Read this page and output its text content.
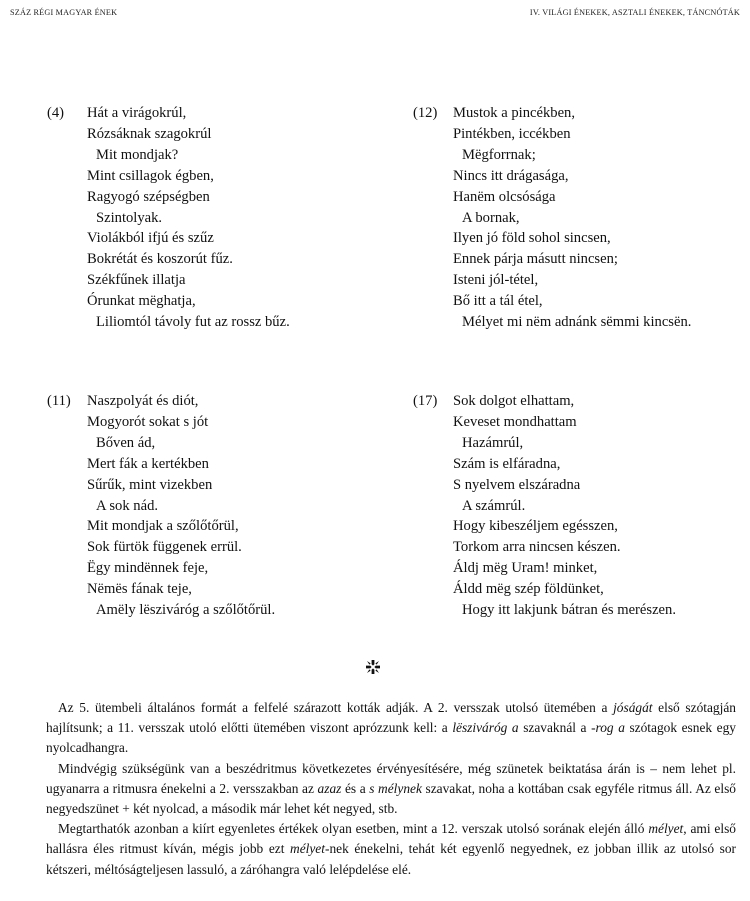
SZÁZ RÉGI MAGYAR ÉNEK	IV. VILÁGI ÉNEKEK, ASZTALI ÉNEKEK, TÁNCNÓTÁK
(4) Hát a virágokrúl,
Rózsáknak szagokrúl
Mit mondjak?
Mint csillagok égben,
Ragyogó szépségben
Szintolyak.
Violákból ifjú és szűz
Bokrétát és koszorút fűz.
Székfűnek illatja
Órunkat mëghatja,
Liliomtól távoly fut az rossz bűz.
(12) Mustok a pincékben,
Pintékben, iccékben
Mëgforrnak;
Nincs itt drágasága,
Hanëm olcsósága
A bornak,
Ilyen jó föld sohol sincsen,
Ennek párja másutt nincsen;
Isteni jól-tétel,
Bő itt a tál étel,
Mélyet mi nëm adnánk sëmmi kincsën.
(11) Naszpolyát és diót,
Mogyorót sokat s jót
Bőven ád,
Mert fák a kertékben
Sűrűk, mint vizekben
A sok nád.
Mit mondjak a szőlőtőrül,
Sok fürtök függenek errül.
Ëgy mindënnek feje,
Nëmës fának teje,
Amëly lësziváróg a szőlőtőrül.
(17) Sok dolgot elhattam,
Keveset mondhattam
Hazámrúl,
Szám is elfáradna,
S nyelvem elszáradna
A számrúl.
Hogy kibeszéljem egésszen,
Torkom arra nincsen készen.
Áldj mëg Uram! minket,
Áldd mëg szép földünket,
Hogy itt lakjunk bátran és merészen.

Az 5. ütembeli általános formát a felfelé szárazott kották adják. A 2. versszak utolsó ütemében a jóságát első szótagján hajlítsunk; a 11. versszak utoló előtti ütemében viszont aprózzunk kell: a lësziváróg a szavaknál a -rog a szótagok esnek egy nyolcadhangra.

Mindvégig szükségünk van a beszédritmus következetes érvényesítésére, még szünetek beiktatása árán is – nem lehet pl. ugyanarra a ritmusra énekelni a 2. versszakban az azaz és a s mélynek szavakat, noha a kottában csak egyféle ritmus áll. Az első negyedszünet + két nyolcad, a második már lehet két negyed, stb.

Megtarthatók azonban a kiírt egyenletes értékek olyan esetben, mint a 12. verszak utolsó sorának elején álló mélyet, ami első hallásra éles ritmust kíván, mégis jobb ezt mélyet-nek énekelni, tehát két egyenlő negyednek, ez jobban illik az utolsó sor kétszeri, méltóságteljesen lassuló, a záróhangra való lelépdelése elé.
